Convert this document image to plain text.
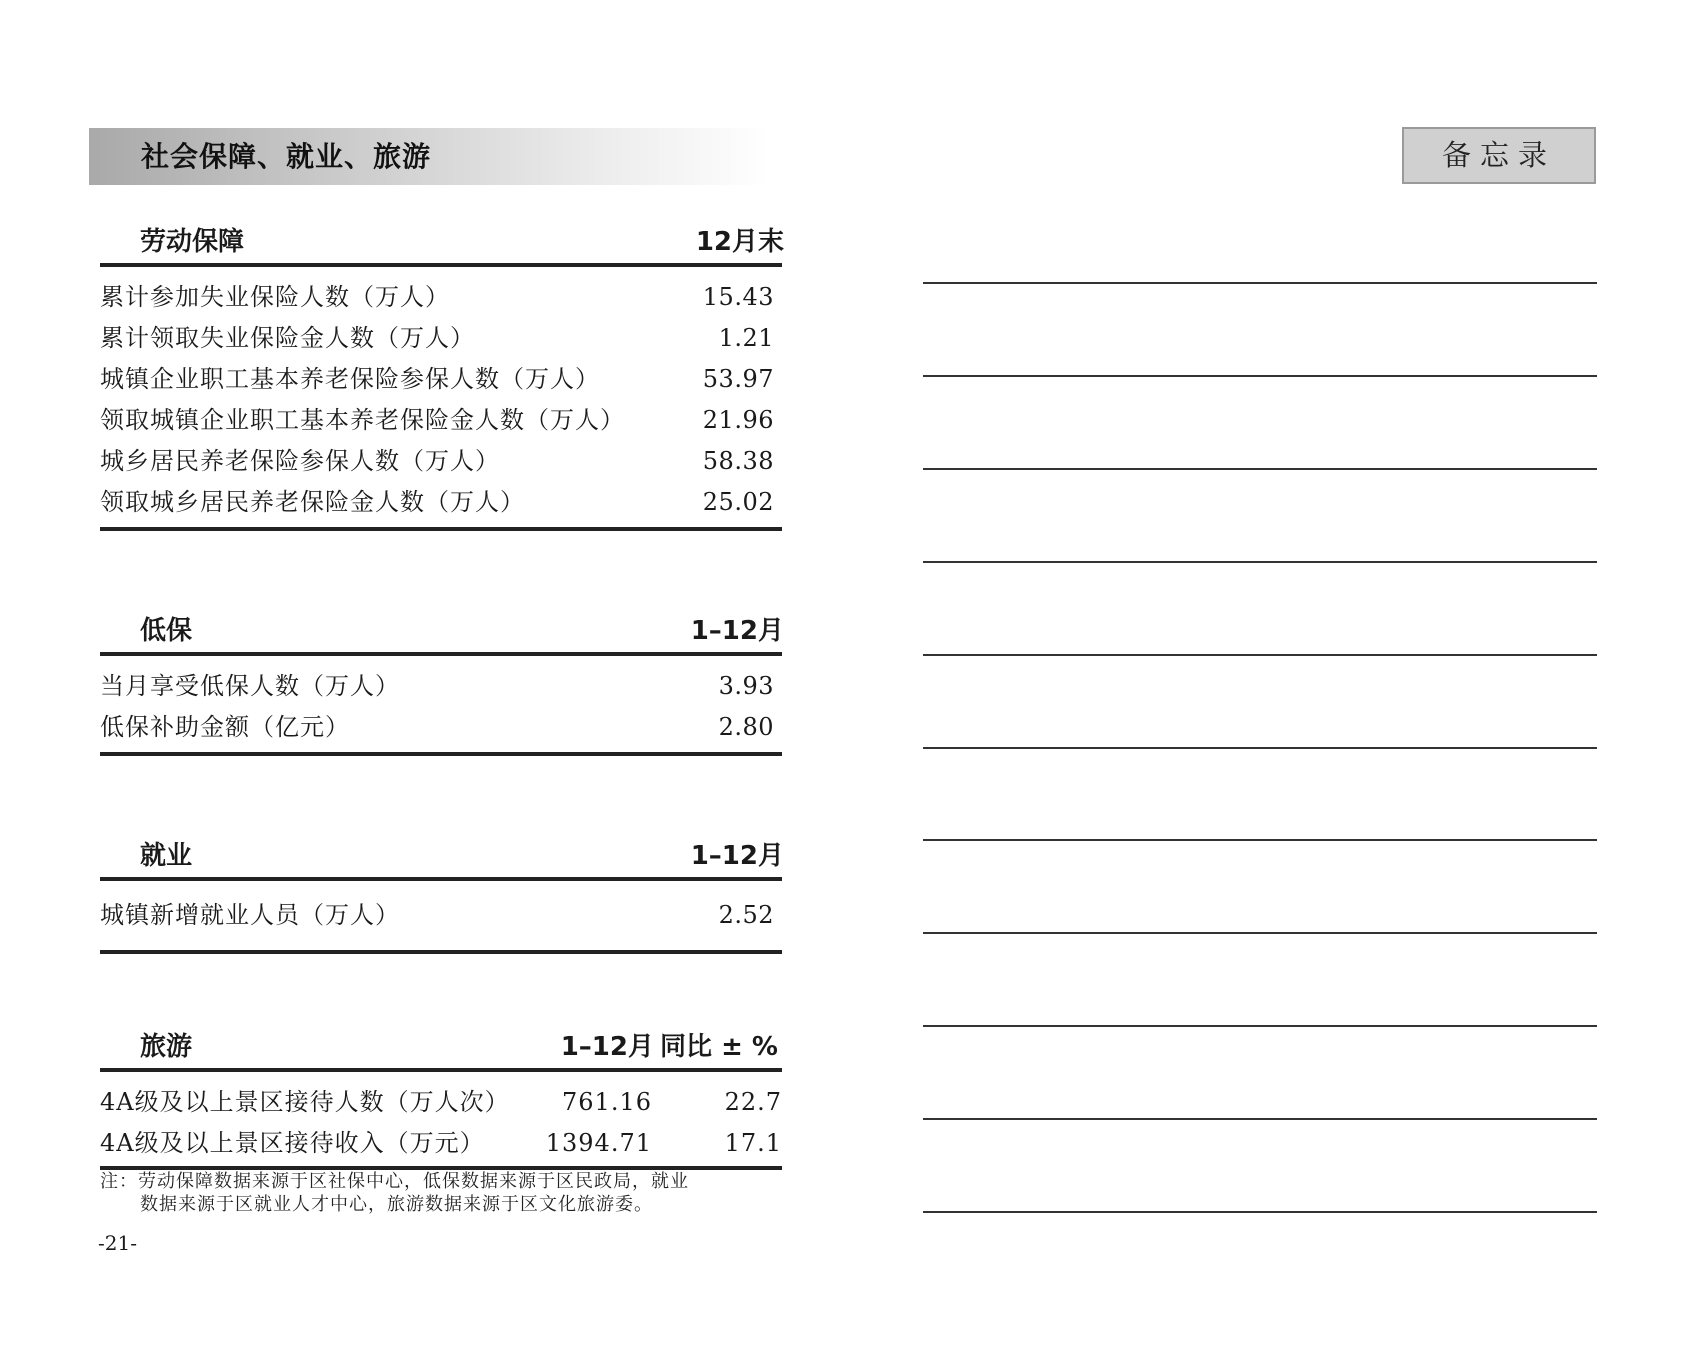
社会保障、就业、旅游	备忘录
劳动保障	12月末
累计参加失业保险人数（万人）	15.43
累计领取失业保险金人数（万人）	1.21
城镇企业职工基本养老保险参保人数（万人）	53.97
领取城镇企业职工基本养老保险金人数（万人）	21.96
城乡居民养老保险参保人数（万人）	58.38
领取城乡居民养老保险金人数（万人）	25.02
低保	1–12月
当月享受低保人数（万人）	3.93
低保补助金额（亿元）	2.80
就业	1–12月
城镇新增就业人员（万人）	2.52
旅游	1–12月 同比 ± %
4A级及以上景区接待人数（万人次） 761.16	22.7
4A级及以上景区接待收入（万元）	1394.71	17.1
注：劳动保障数据来源于区社保中心，低保数据来源于区民政局，就业
数据来源于区就业人才中心，旅游数据来源于区文化旅游委。
-21-
